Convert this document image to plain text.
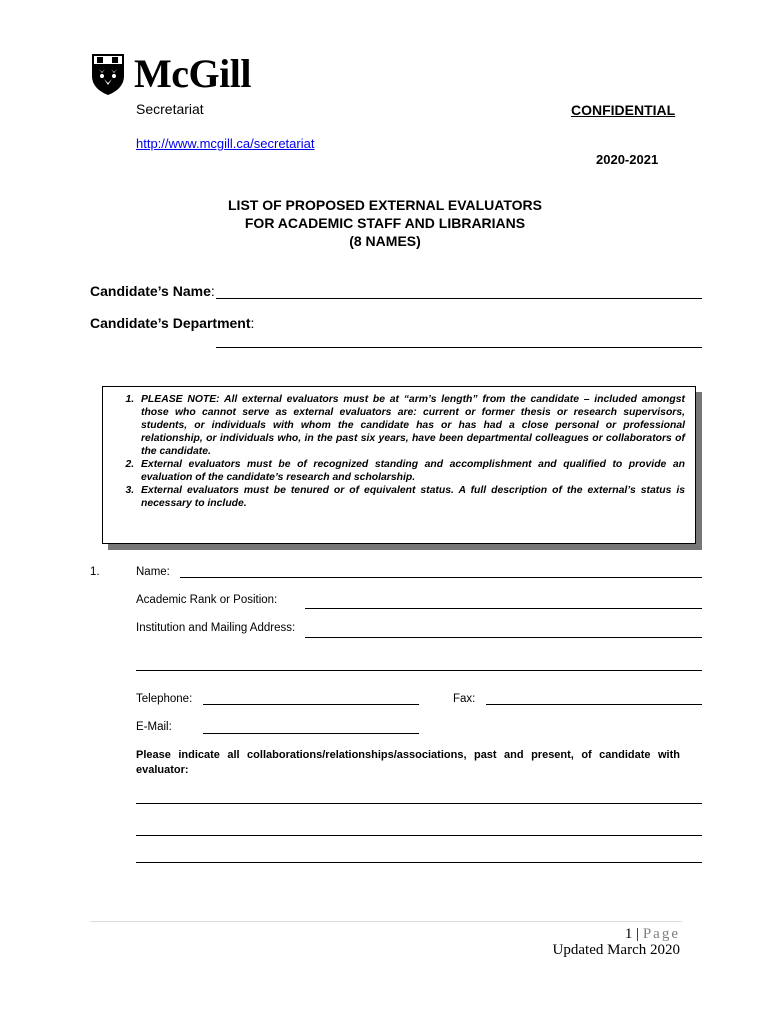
McGill
Secretariat	CONFIDENTIAL
http://www.mcgill.ca/secretariat
2020-2021
LIST OF PROPOSED EXTERNAL EVALUATORS
FOR ACADEMIC STAFF AND LIBRARIANS
(8 NAMES)
Candidate’s Name:
Candidate’s Department:
1. PLEASE NOTE: All external evaluators must be at “arm’s length” from the candidate – included amongst those who cannot serve as external evaluators are: current or former thesis or research supervisors, students, or individuals with whom the candidate has or has had a close personal or professional relationship, or individuals who, in the past six years, have been departmental colleagues or collaborators of the candidate.
2. External evaluators must be of recognized standing and accomplishment and qualified to provide an evaluation of the candidate’s research and scholarship.
3. External evaluators must be tenured or of equivalent status. A full description of the external’s status is necessary to include.
1.	Name:
Academic Rank or Position:
Institution and Mailing Address:
Telephone:	Fax:
E-Mail:
Please indicate all collaborations/relationships/associations, past and present, of candidate with evaluator:
1 | Page
Updated March 2020
